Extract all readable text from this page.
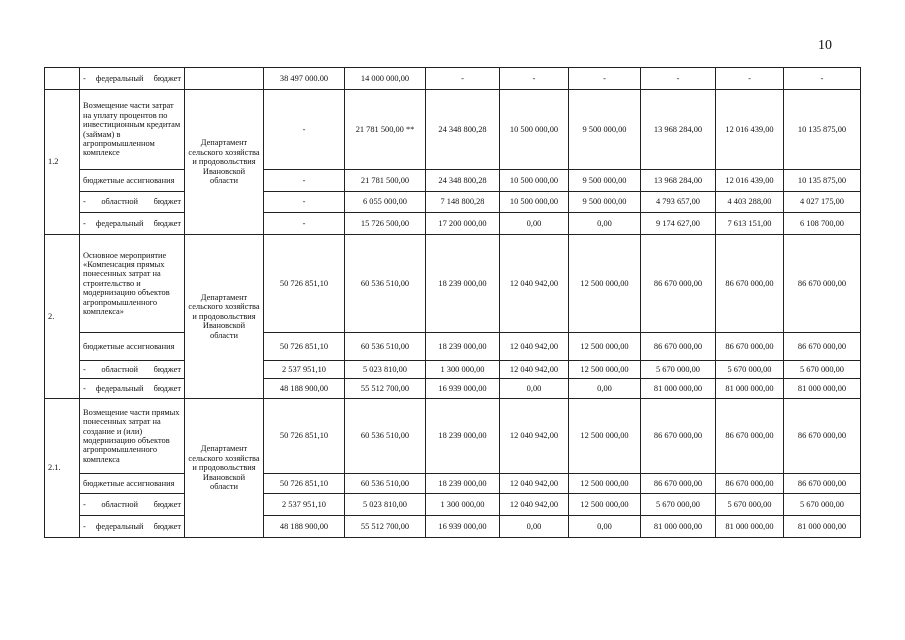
10
	- федеральный бюджет		38 497 000.00	14 000 000,00	-	-	-	-	-	-
1.2	Возмещение части затрат на уплату процентов по инвестиционным кредитам (займам) в агропромышленном комплексе	Департамент сельского хозяйства и продовольствия Ивановской области	-	21 781 500,00 **	24 348 800,28	10 500 000,00	9 500 000,00	13 968 284,00	12 016 439,00	10 135 875,00
	бюджетные ассигнования		-	21 781 500,00	24 348 800,28	10 500 000,00	9 500 000,00	13 968 284,00	12 016 439,00	10 135 875,00
	- областной бюджет		-	6 055 000,00	7 148 800,28	10 500 000,00	9 500 000,00	4 793 657,00	4 403 288,00	4 027 175,00
	- федеральный бюджет		-	15 726 500,00	17 200 000,00	0,00	0,00	9 174 627,00	7 613 151,00	6 108 700,00
2.	Основное мероприятие «Компенсация прямых понесенных затрат на строительство и модернизацию объектов агропромышленного комплекса»	Департамент сельского хозяйства и продовольствия Ивановской области	50 726 851,10	60 536 510,00	18 239 000,00	12 040 942,00	12 500 000,00	86 670 000,00	86 670 000,00	86 670 000,00
	бюджетные ассигнования		50 726 851,10	60 536 510,00	18 239 000,00	12 040 942,00	12 500 000,00	86 670 000,00	86 670 000,00	86 670 000,00
	- областной бюджет		2 537 951,10	5 023 810,00	1 300 000,00	12 040 942,00	12 500 000,00	5 670 000,00	5 670 000,00	5 670 000,00
	- федеральный бюджет		48 188 900,00	55 512 700,00	16 939 000,00	0,00	0,00	81 000 000,00	81 000 000,00	81 000 000,00
2.1.	Возмещение части прямых понесенных затрат на создание и (или) модернизацию объектов агропромышленного комплекса	Департамент сельского хозяйства и продовольствия Ивановской области	50 726 851,10	60 536 510,00	18 239 000,00	12 040 942,00	12 500 000,00	86 670 000,00	86 670 000,00	86 670 000,00
	бюджетные ассигнования		50 726 851,10	60 536 510,00	18 239 000,00	12 040 942,00	12 500 000,00	86 670 000,00	86 670 000,00	86 670 000,00
	- областной бюджет		2 537 951,10	5 023 810,00	1 300 000,00	12 040 942,00	12 500 000,00	5 670 000,00	5 670 000,00	5 670 000,00
	- федеральный бюджет		48 188 900,00	55 512 700,00	16 939 000,00	0,00	0,00	81 000 000,00	81 000 000,00	81 000 000,00
